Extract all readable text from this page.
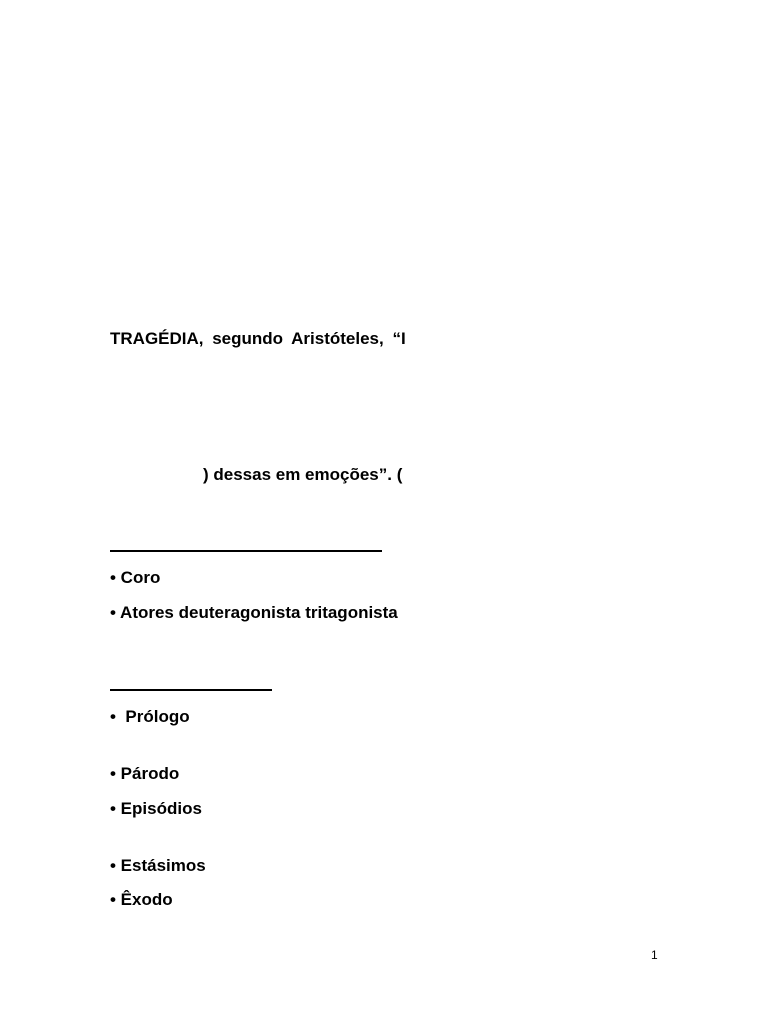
TRAGÉDIA, segundo Aristóteles, “I
) dessas em emoções”. (
• Coro
• Atores deuteragonista tritagonista
•  Prólogo
• Párodo
• Episódios
• Estásimos
• Êxodo
1
